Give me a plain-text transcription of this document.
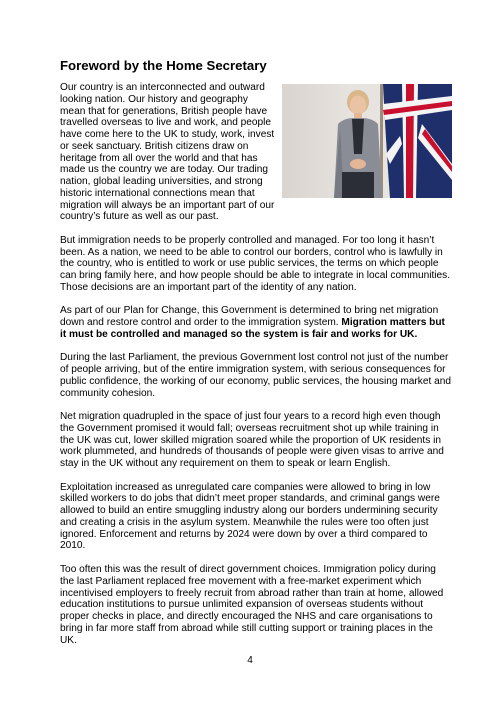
Foreword by the Home Secretary

Our country is an interconnected and outward looking nation. Our history and geography mean that for generations, British people have travelled overseas to live and work, and people have come here to the UK to study, work, invest or seek sanctuary. British citizens draw on heritage from all over the world and that has made us the country we are today. Our trading nation, global leading universities, and strong historic international connections mean that migration will always be an important part of our country’s future as well as our past.

But immigration needs to be properly controlled and managed. For too long it hasn’t been. As a nation, we need to be able to control our borders, control who is lawfully in the country, who is entitled to work or use public services, the terms on which people can bring family here, and how people should be able to integrate in local communities. Those decisions are an important part of the identity of any nation.

As part of our Plan for Change, this Government is determined to bring net migration down and restore control and order to the immigration system. Migration matters but it must be controlled and managed so the system is fair and works for UK.

During the last Parliament, the previous Government lost control not just of the number of people arriving, but of the entire immigration system, with serious consequences for public confidence, the working of our economy, public services, the housing market and community cohesion.

Net migration quadrupled in the space of just four years to a record high even though the Government promised it would fall; overseas recruitment shot up while training in the UK was cut, lower skilled migration soared while the proportion of UK residents in work plummeted, and hundreds of thousands of people were given visas to arrive and stay in the UK without any requirement on them to speak or learn English.

Exploitation increased as unregulated care companies were allowed to bring in low skilled workers to do jobs that didn’t meet proper standards, and criminal gangs were allowed to build an entire smuggling industry along our borders undermining security and creating a crisis in the asylum system. Meanwhile the rules were too often just ignored. Enforcement and returns by 2024 were down by over a third compared to 2010.

Too often this was the result of direct government choices. Immigration policy during the last Parliament replaced free movement with a free-market experiment which incentivised employers to freely recruit from abroad rather than train at home, allowed education institutions to pursue unlimited expansion of overseas students without proper checks in place, and directly encouraged the NHS and care organisations to bring in far more staff from abroad while still cutting support or training places in the UK.

4
